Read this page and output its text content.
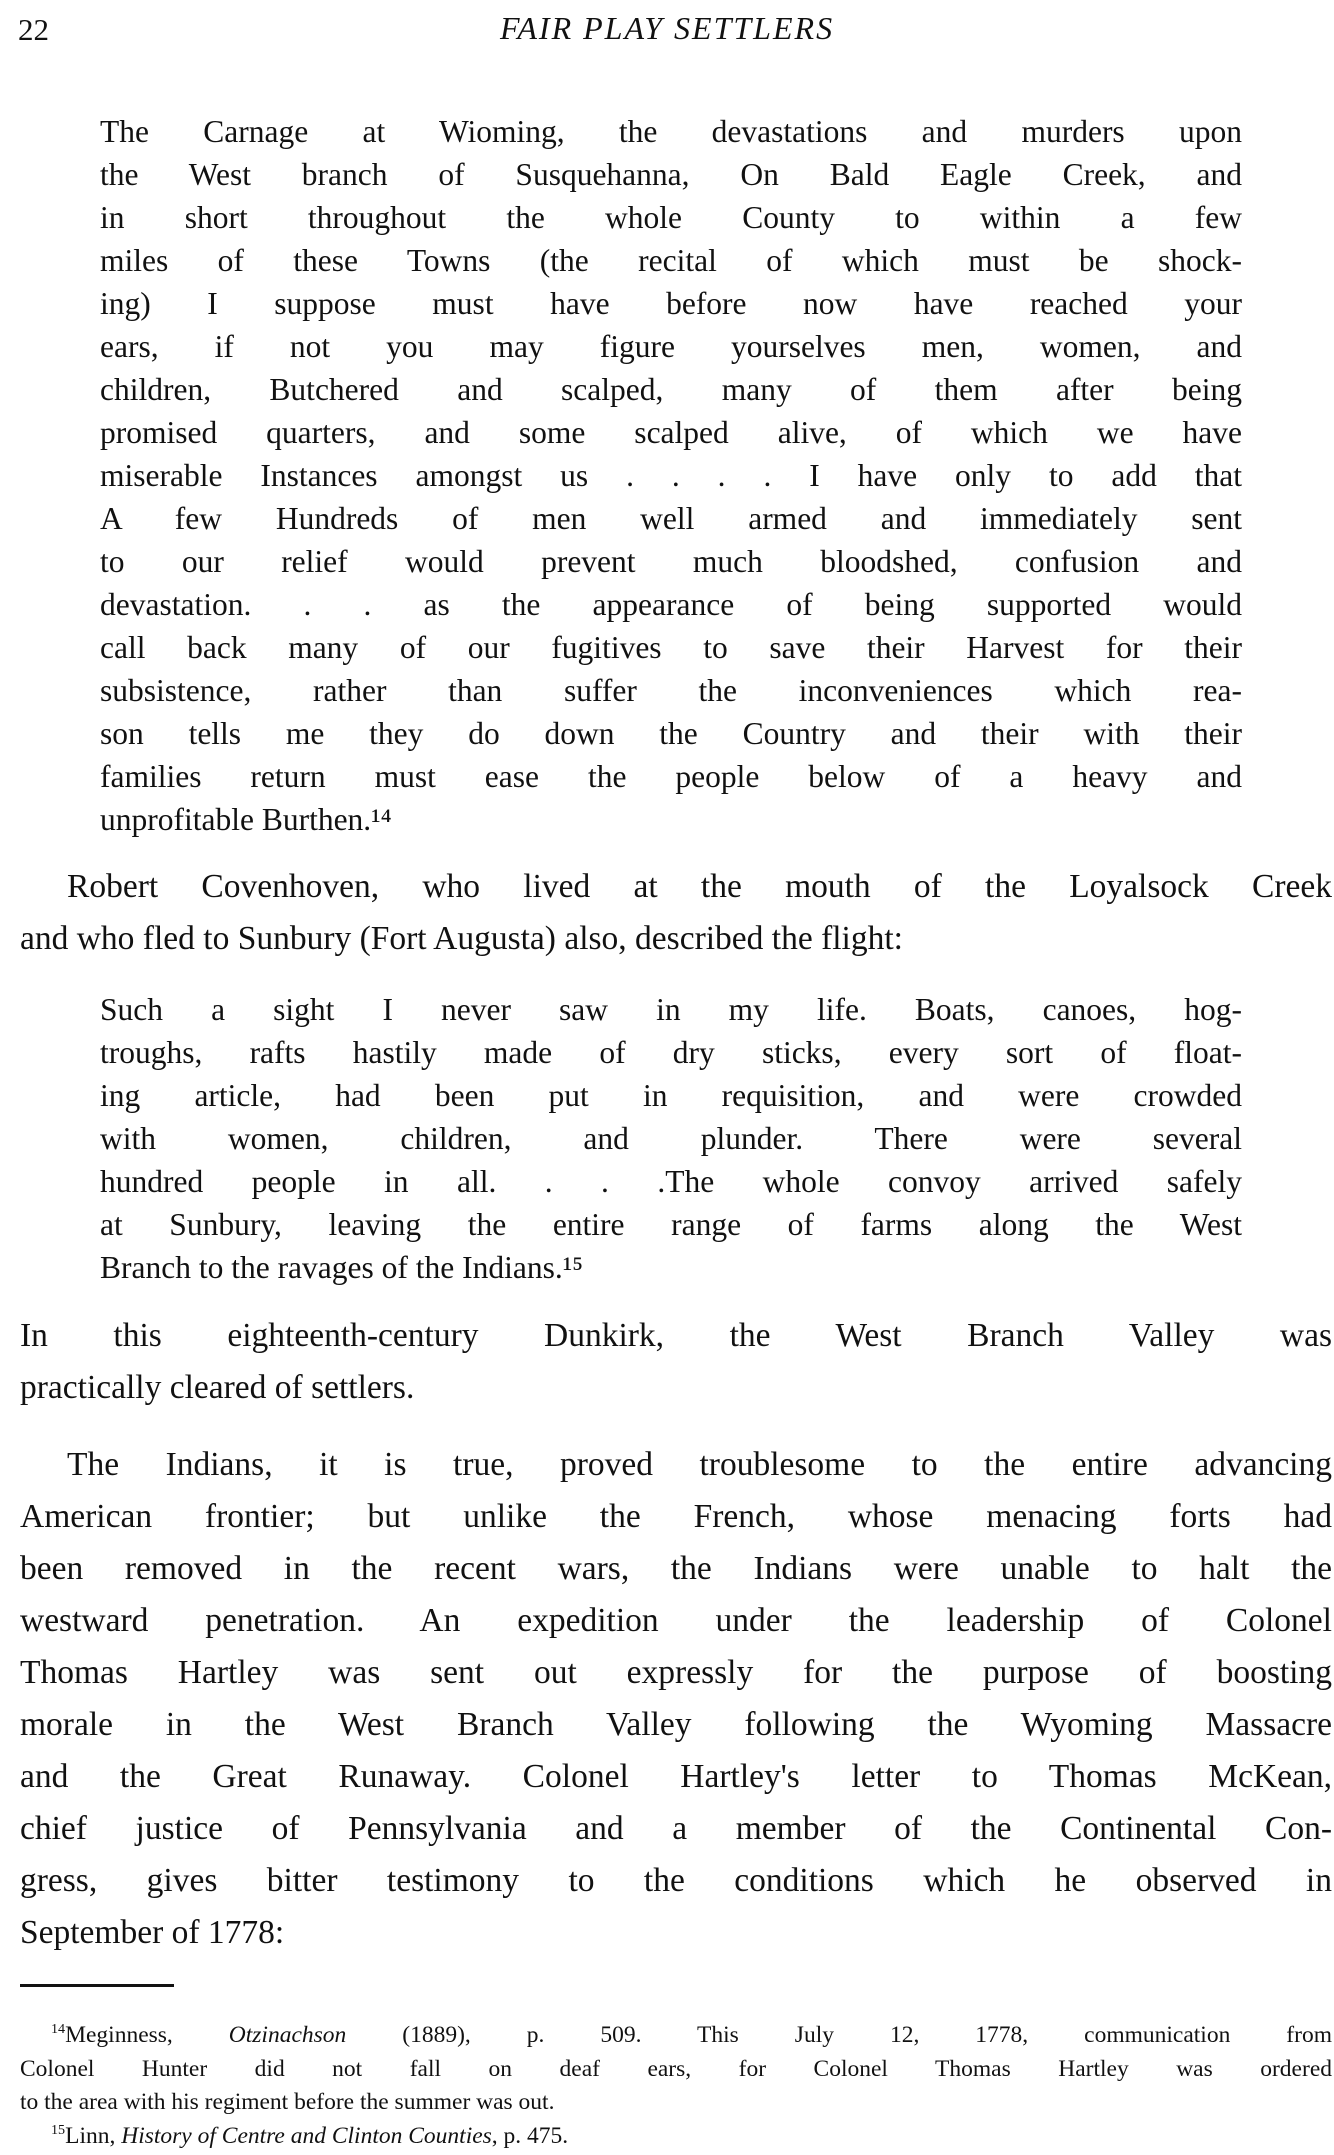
22	FAIR PLAY SETTLERS
The Carnage at Wioming, the devastations and murders upon
the West branch of Susquehanna, On Bald Eagle Creek, and
in short throughout the whole County to within a few
miles of these Towns (the recital of which must be shock-
ing) I suppose must have before now have reached your
ears, if not you may figure yourselves men, women, and
children, Butchered and scalped, many of them after being
promised quarters, and some scalped alive, of which we have
miserable Instances amongst us . . . . I have only to add that
A few Hundreds of men well armed and immediately sent
to our relief would prevent much bloodshed, confusion and
devastation. . . as the appearance of being supported would
call back many of our fugitives to save their Harvest for their
subsistence, rather than suffer the inconveniences which rea-
son tells me they do down the Country and their with their
families return must ease the people below of a heavy and
unprofitable Burthen.¹⁴
Robert Covenhoven, who lived at the mouth of the Loyalsock Creek
and who fled to Sunbury (Fort Augusta) also, described the flight:
Such a sight I never saw in my life. Boats, canoes, hog-
troughs, rafts hastily made of dry sticks, every sort of float-
ing article, had been put in requisition, and were crowded
with women, children, and plunder. There were several
hundred people in all. . . .The whole convoy arrived safely
at Sunbury, leaving the entire range of farms along the West
Branch to the ravages of the Indians.¹⁵
In this eighteenth-century Dunkirk, the West Branch Valley was
practically cleared of settlers.
The Indians, it is true, proved troublesome to the entire advancing
American frontier; but unlike the French, whose menacing forts had
been removed in the recent wars, the Indians were unable to halt the
westward penetration. An expedition under the leadership of Colonel
Thomas Hartley was sent out expressly for the purpose of boosting
morale in the West Branch Valley following the Wyoming Massacre
and the Great Runaway. Colonel Hartley's letter to Thomas McKean,
chief justice of Pennsylvania and a member of the Continental Con-
gress, gives bitter testimony to the conditions which he observed in
September of 1778:
$^{14}$Meginness, Otzinachson (1889), p. 509. This July 12, 1778, communication from
Colonel Hunter did not fall on deaf ears, for Colonel Thomas Hartley was ordered
to the area with his regiment before the summer was out.
$^{15}$Linn, History of Centre and Clinton Counties, p. 475.
